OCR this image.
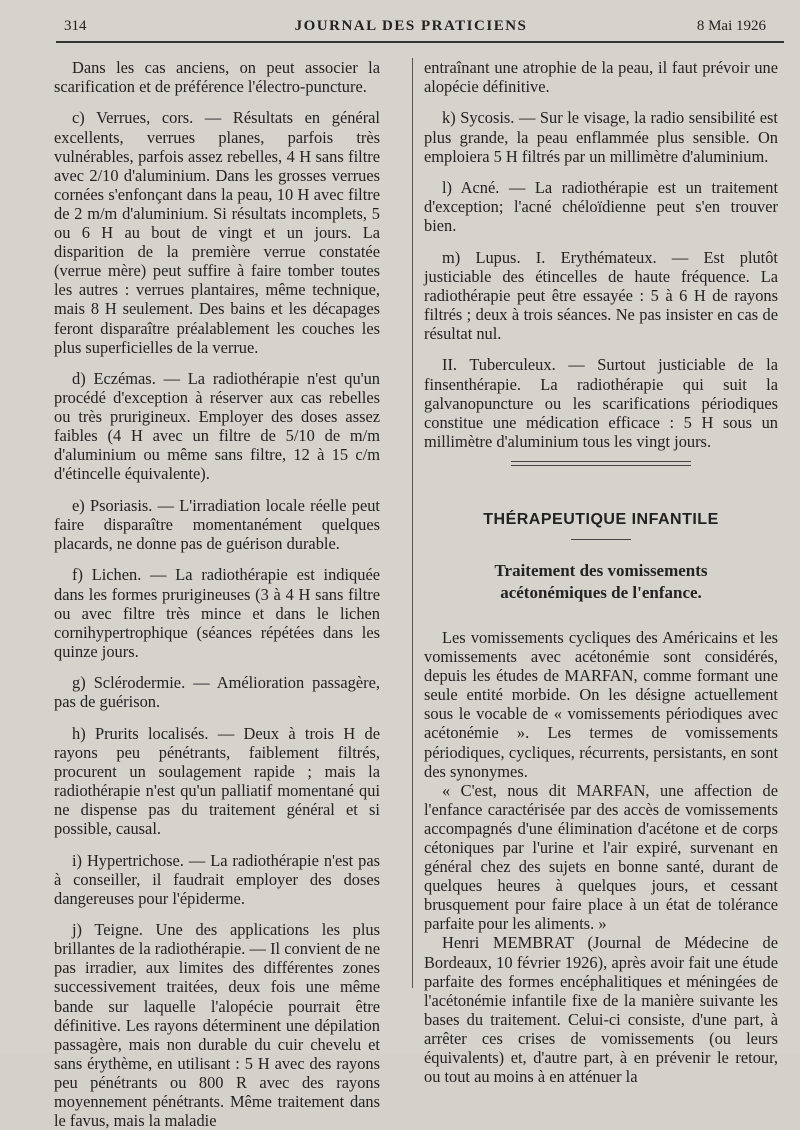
314	JOURNAL DES PRATICIENS	8 Mai 1926

Dans les cas anciens, on peut associer la scarification et de préférence l'électro-puncture.

c) Verrues, cors. — Résultats en général excellents, verrues planes, parfois très vulnérables, parfois assez rebelles, 4 H sans filtre avec 2/10 d'aluminium. Dans les grosses verrues cornées s'enfonçant dans la peau, 10 H avec filtre de 2 m/m d'aluminium. Si résultats incomplets, 5 ou 6 H au bout de vingt et un jours. La disparition de la première verrue constatée (verrue mère) peut suffire à faire tomber toutes les autres : verrues plantaires, même technique, mais 8 H seulement. Des bains et les décapages feront disparaître préalablement les couches les plus superficielles de la verrue.

d) Eczémas. — La radiothérapie n'est qu'un procédé d'exception à réserver aux cas rebelles ou très prurigineux. Employer des doses assez faibles (4 H avec un filtre de 5/10 de m/m d'aluminium ou même sans filtre, 12 à 15 c/m d'étincelle équivalente).

e) Psoriasis. — L'irradiation locale réelle peut faire disparaître momentanément quelques placards, ne donne pas de guérison durable.

f) Lichen. — La radiothérapie est indiquée dans les formes prurigineuses (3 à 4 H sans filtre ou avec filtre très mince et dans le lichen cornihypertrophique (séances répétées dans les quinze jours.

g) Sclérodermie. — Amélioration passagère, pas de guérison.

h) Prurits localisés. — Deux à trois H de rayons peu pénétrants, faiblement filtrés, procurent un soulagement rapide ; mais la radiothérapie n'est qu'un palliatif momentané qui ne dispense pas du traitement général et si possible, causal.

i) Hypertrichose. — La radiothérapie n'est pas à conseiller, il faudrait employer des doses dangereuses pour l'épiderme.

j) Teigne. Une des applications les plus brillantes de la radiothérapie. — Il convient de ne pas irradier, aux limites des différentes zones successivement traitées, deux fois une même bande sur laquelle l'alopécie pourrait être définitive. Les rayons déterminent une dépilation passagère, mais non durable du cuir chevelu et sans érythème, en utilisant : 5 H avec des rayons peu pénétrants ou 800 R avec des rayons moyennement pénétrants. Même traitement dans le favus, mais la maladie

entraînant une atrophie de la peau, il faut prévoir une alopécie définitive.

k) Sycosis. — Sur le visage, la radio sensibilité est plus grande, la peau enflammée plus sensible. On emploiera 5 H filtrés par un millimètre d'aluminium.

l) Acné. — La radiothérapie est un traitement d'exception; l'acné chéloïdienne peut s'en trouver bien.

m) Lupus. I. Erythémateux. — Est plutôt justiciable des étincelles de haute fréquence. La radiothérapie peut être essayée : 5 à 6 H de rayons filtrés ; deux à trois séances. Ne pas insister en cas de résultat nul.

II. Tuberculeux. — Surtout justiciable de la finsenthérapie. La radiothérapie qui suit la galvanopuncture ou les scarifications périodiques constitue une médication efficace : 5 H sous un millimètre d'aluminium tous les vingt jours.

THÉRAPEUTIQUE INFANTILE
Traitement des vomissements
acétonémiques de l'enfance.

Les vomissements cycliques des Américains et les vomissements avec acétonémie sont considérés, depuis les études de MARFAN, comme formant une seule entité morbide. On les désigne actuellement sous le vocable de « vomissements périodiques avec acétonémie ». Les termes de vomissements périodiques, cycliques, récurrents, persistants, en sont des synonymes.

« C'est, nous dit MARFAN, une affection de l'enfance caractérisée par des accès de vomissements accompagnés d'une élimination d'acétone et de corps cétoniques par l'urine et l'air expiré, survenant en général chez des sujets en bonne santé, durant de quelques heures à quelques jours, et cessant brusquement pour faire place à un état de tolérance parfaite pour les aliments. »

Henri MEMBRAT (Journal de Médecine de Bordeaux, 10 février 1926), après avoir fait une étude parfaite des formes encéphalitiques et méningées de l'acétonémie infantile fixe de la manière suivante les bases du traitement. Celui-ci consiste, d'une part, à arrêter ces crises de vomissements (ou leurs équivalents) et, d'autre part, à en prévenir le retour, ou tout au moins à en atténuer la
